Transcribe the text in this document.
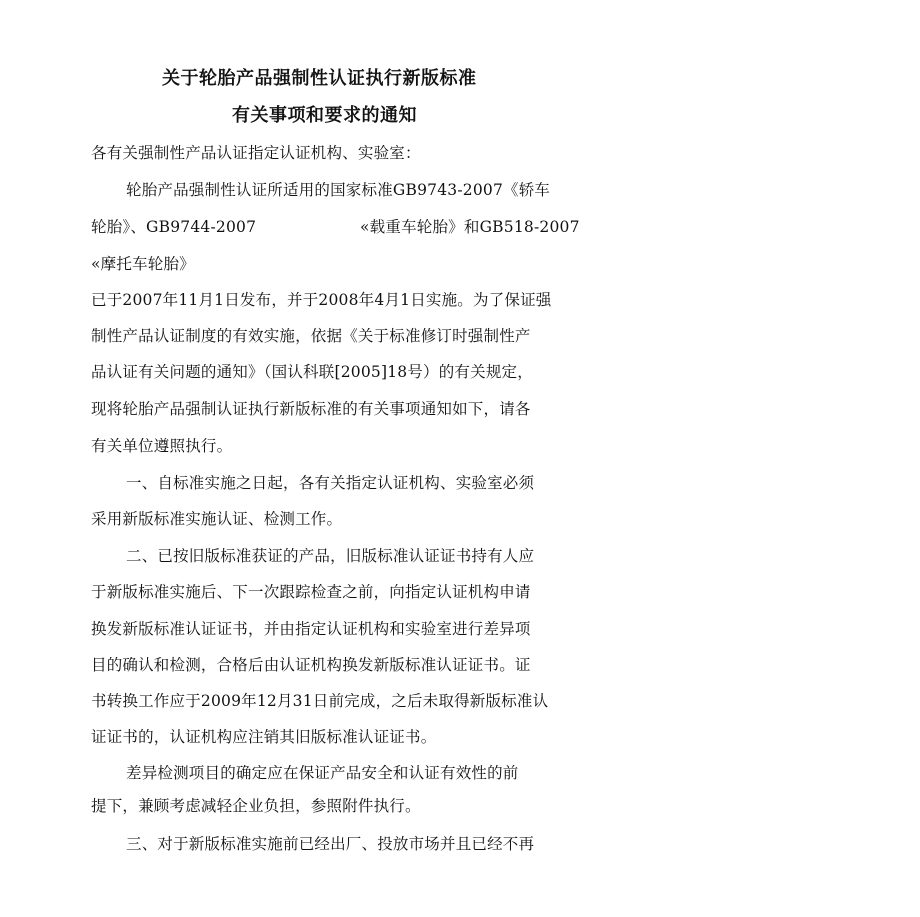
关于轮胎产品强制性认证执行新版标准
有关事项和要求的通知
各有关强制性产品认证指定认证机构、实验室：
轮胎产品强制性认证所适用的国家标准GB9743-2007《轿车
轮胎》、GB9744-2007	«载重车轮胎》和GB518-2007
«摩托车轮胎》
已于2007年11月1日发布，并于2008年4月1日实施。为了保证强
制性产品认证制度的有效实施，依据《关于标准修订时强制性产
品认证有关问题的通知》（国认科联[2005]18号）的有关规定，
现将轮胎产品强制认证执行新版标准的有关事项通知如下，请各
有关单位遵照执行。
一、自标准实施之日起，各有关指定认证机构、实验室必须
采用新版标准实施认证、检测工作。
二、已按旧版标准获证的产品，旧版标准认证证书持有人应
于新版标准实施后、下一次跟踪检查之前，向指定认证机构申请
换发新版标准认证证书，并由指定认证机构和实验室进行差异项
目的确认和检测，合格后由认证机构换发新版标准认证证书。证
书转换工作应于2009年12月31日前完成，之后未取得新版标准认
证证书的，认证机构应注销其旧版标准认证证书。
差异检测项目的确定应在保证产品安全和认证有效性的前
提下，兼顾考虑减轻企业负担，参照附件执行。
三、对于新版标准实施前已经出厂、投放市场并且已经不再
